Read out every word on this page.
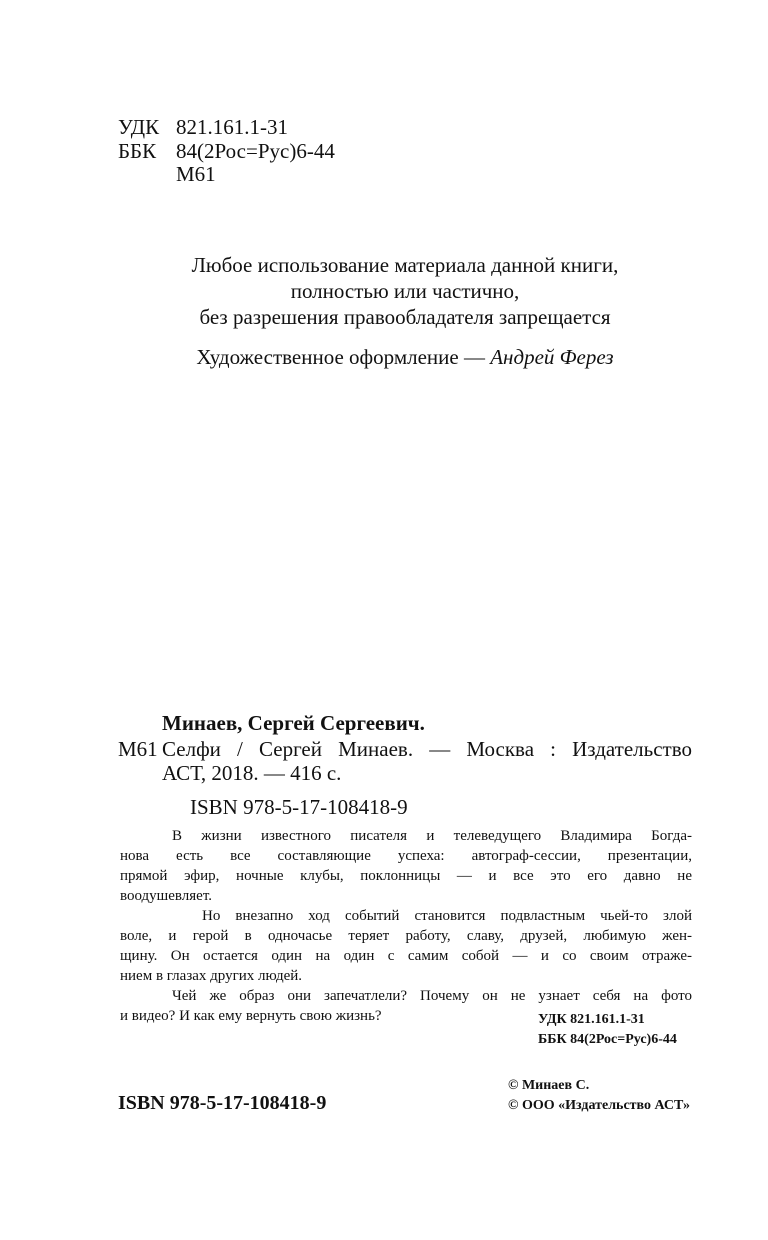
УДК 821.161.1-31
ББК 84(2Рос=Рус)6-44
М61
Любое использование материала данной книги,
полностью или частично,
без разрешения правообладателя запрещается
Художественное оформление — Андрей Ферез
Минаев, Сергей Сергеевич.
М61 Селфи / Сергей Минаев. — Москва : Издательство
АСТ, 2018. — 416 с.
ISBN 978-5-17-108418-9
В жизни известного писателя и телеведущего Владимира Богда-
нова есть все составляющие успеха: автограф-сессии, презентации,
прямой эфир, ночные клубы, поклонницы — и все это его давно не
воодушевляет.
Но внезапно ход событий становится подвластным чьей-то злой
воле, и герой в одночасье теряет работу, славу, друзей, любимую жен-
щину. Он остается один на один с самим собой — и со своим отраже-
нием в глазах других людей.
Чей же образ они запечатлели? Почему он не узнает себя на фото
и видео? И как ему вернуть свою жизнь?	УДК 821.161.1-31
ББК 84(2Рос=Рус)6-44
ISBN 978-5-17-108418-9
© Минаев С.
© ООО «Издательство АСТ»
